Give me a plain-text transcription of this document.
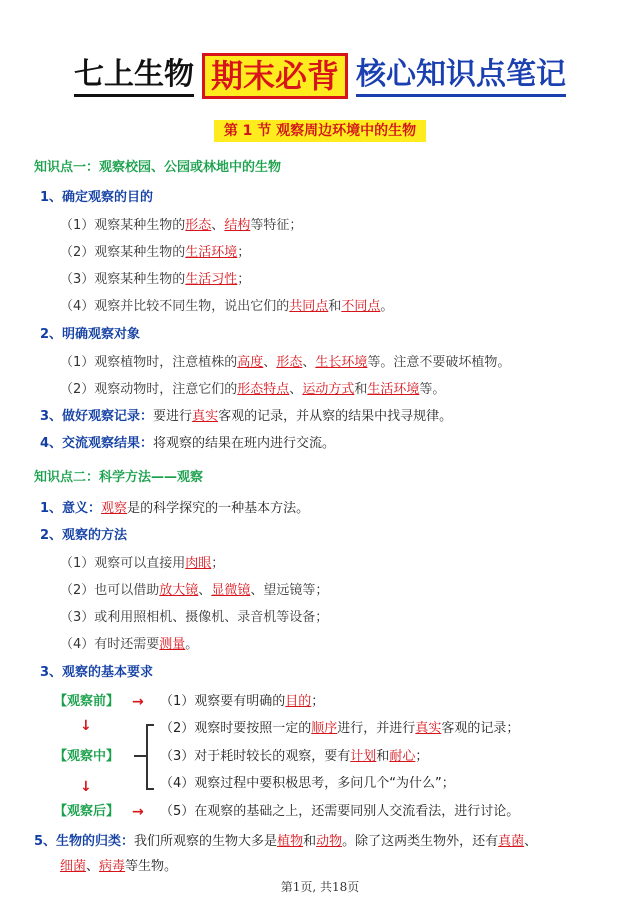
七上生物 期末必背 核心知识点笔记
第 1 节 观察周边环境中的生物
知识点一：观察校园、公园或林地中的生物
1、确定观察的目的
（1）观察某种生物的形态、结构等特征；
（2）观察某种生物的生活环境；
（3）观察某种生物的生活习性；
（4）观察并比较不同生物，说出它们的共同点和不同点。
2、明确观察对象
（1）观察植物时，注意植株的高度、形态、生长环境等。注意不要破坏植物。
（2）观察动物时，注意它们的形态特点、运动方式和生活环境等。
3、做好观察记录：要进行真实客观的记录，并从察的结果中找寻规律。
4、交流观察结果：将观察的结果在班内进行交流。
知识点二：科学方法——观察
1、意义：观察是的科学探究的一种基本方法。
2、观察的方法
（1）观察可以直接用肉眼；
（2）也可以借助放大镜、显微镜、望远镜等；
（3）或利用照相机、摄像机、录音机等设备；
（4）有时还需要测量。
3、观察的基本要求
【观察前】 → （1）观察要有明确的目的；
↓	（2）观察时要按照一定的顺序进行，并进行真实客观的记录；
【观察中】	（3）对于耗时较长的观察，要有计划和耐心；
（4）观察过程中要积极思考，多问几个“为什么”；
↓
【观察后】 → （5）在观察的基础之上，还需要同别人交流看法，进行讨论。
5、生物的归类：我们所观察的生物大多是植物和动物。除了这两类生物外，还有真菌、
细菌、病毒等生物。
第1页, 共18页
